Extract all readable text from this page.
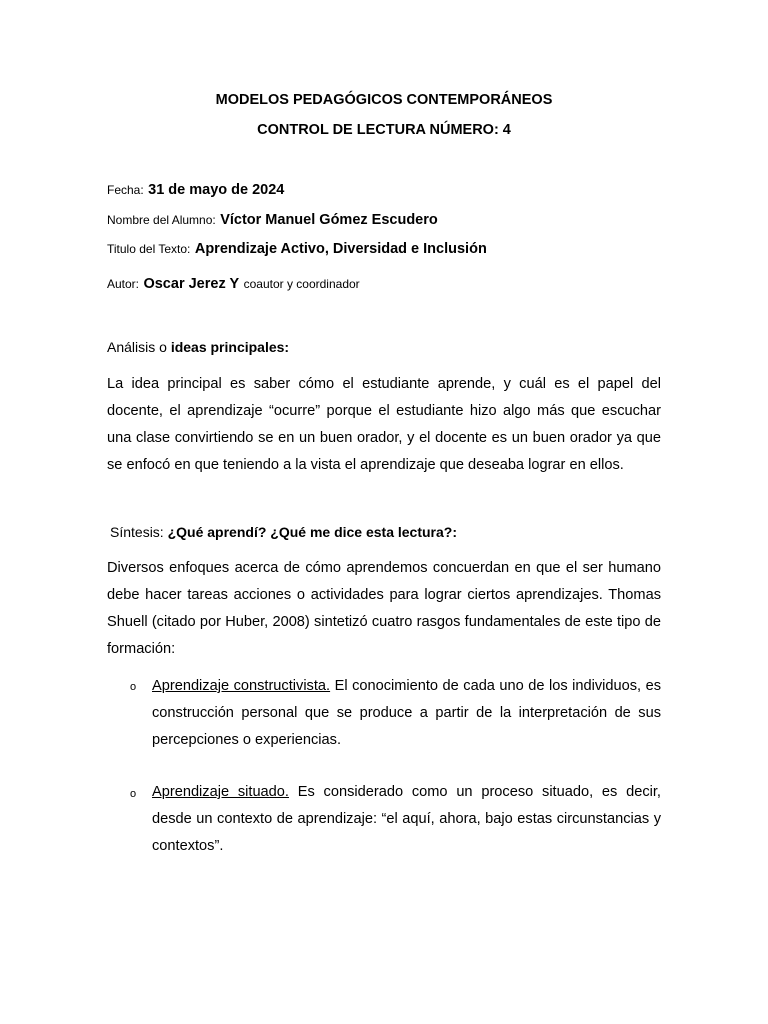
MODELOS PEDAGÓGICOS CONTEMPORÁNEOS
CONTROL DE LECTURA NÚMERO: 4
Fecha: 31 de mayo de 2024
Nombre del Alumno: Víctor Manuel Gómez Escudero
Titulo del Texto: Aprendizaje Activo, Diversidad e Inclusión
Autor: Oscar Jerez Y coautor y coordinador
Análisis o ideas principales:
La idea principal es saber cómo el estudiante aprende, y cuál es el papel del docente, el aprendizaje “ocurre” porque el estudiante hizo algo más que escuchar una clase convirtiendo se en un buen orador, y el docente es un buen orador ya que se enfocó en que teniendo a la vista el aprendizaje que deseaba lograr en ellos.
Síntesis: ¿Qué aprendí? ¿Qué me dice esta lectura?:
Diversos enfoques acerca de cómo aprendemos concuerdan en que el ser humano debe hacer tareas acciones o actividades para lograr ciertos aprendizajes. Thomas Shuell (citado por Huber, 2008) sintetizó cuatro rasgos fundamentales de este tipo de formación:
o Aprendizaje constructivista. El conocimiento de cada uno de los individuos, es construcción personal que se produce a partir de la interpretación de sus percepciones o experiencias.
o Aprendizaje situado. Es considerado como un proceso situado, es decir, desde un contexto de aprendizaje: “el aquí, ahora, bajo estas circunstancias y contextos”.
